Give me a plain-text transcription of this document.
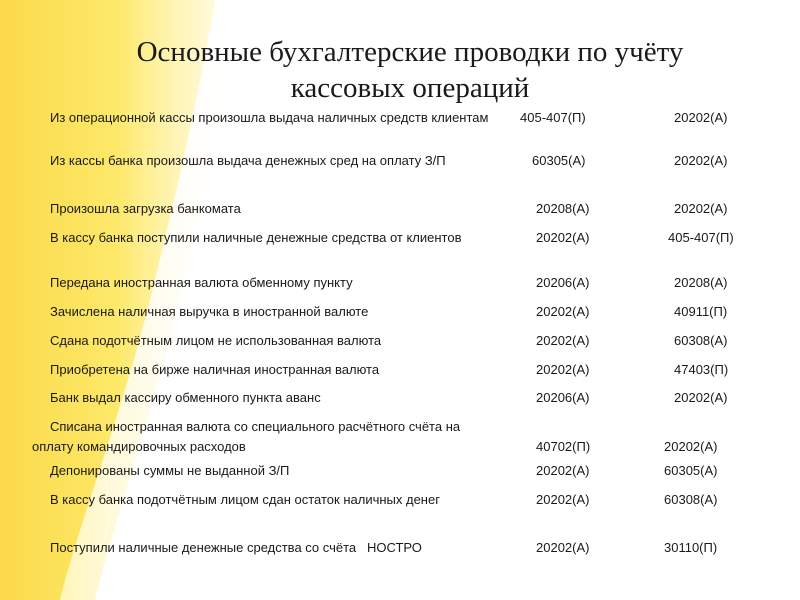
Основные бухгалтерские проводки по учёту
кассовых операций
Из операционной кассы произошла выдача наличных средств клиентам 405-407(П)	20202(А)
Из кассы банка произошла выдача денежных сред на оплату З/П	60305(А)	20202(А)
Произошла загрузка банкомата	20208(А)	20202(А)
В кассу банка поступили наличные денежные средства от клиентов	20202(А)	405-407(П)
Передана иностранная валюта обменному пункту	20206(А)	20208(А)
Зачислена наличная выручка в иностранной валюте	20202(А)	40911(П)
Сдана подотчётным лицом не использованная валюта	20202(А)	60308(А)
Приобретена на бирже наличная иностранная валюта	20202(А)	47403(П)
Банк выдал кассиру обменного пункта аванс	20206(А)	20202(А)
Списана иностранная валюта со специального расчётного счёта на оплату командировочных расходов	40702(П)	20202(А)
Депонированы суммы не выданной З/П	20202(А)	60305(А)
В кассу банка подотчётным лицом сдан остаток наличных денег	20202(А)	60308(А)
Поступили наличные денежные средства со счёта   НОСТРО	20202(А)	30110(П)
